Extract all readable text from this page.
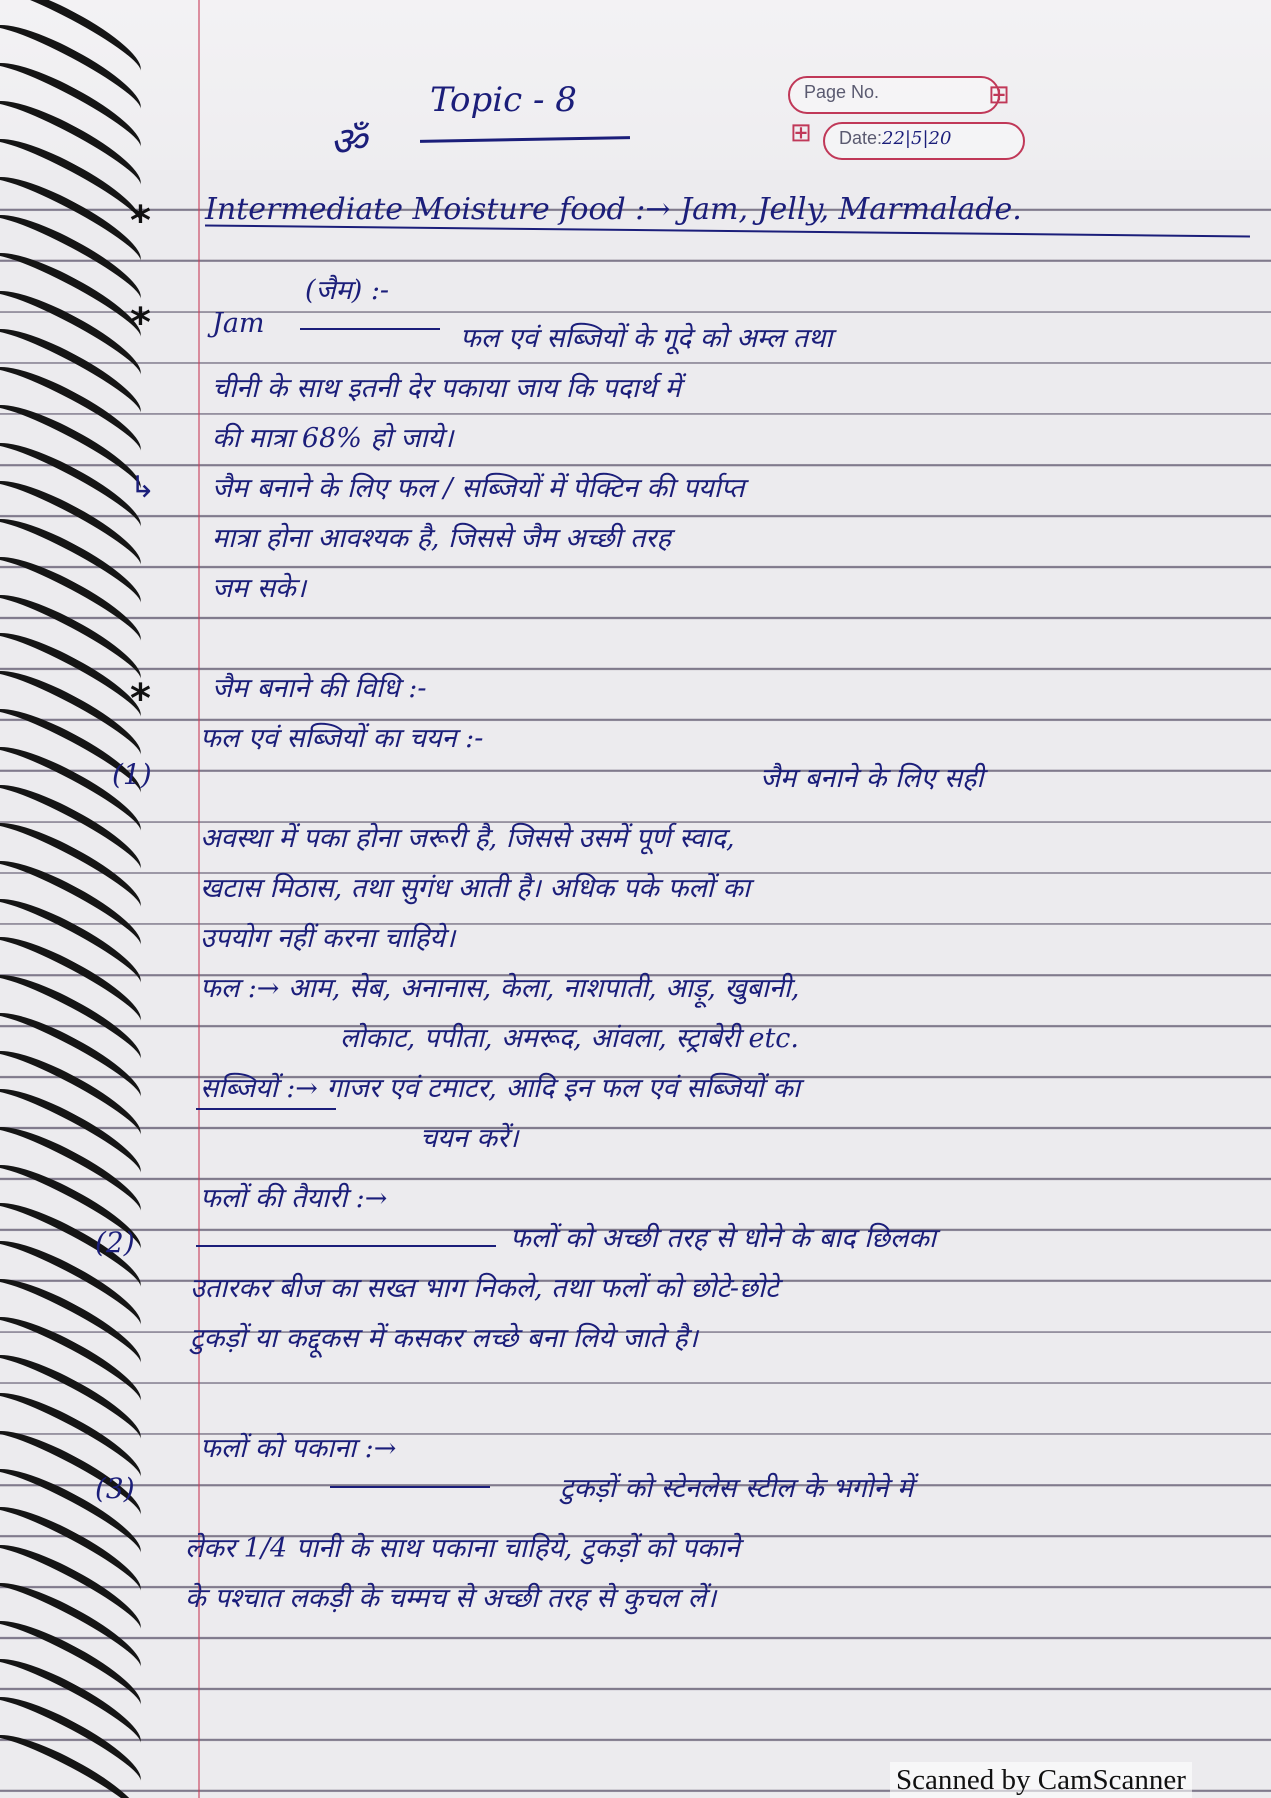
ॐ
Topic - 8	Page No.
Date:22|5|20
⊞
⊞
* Intermediate Moisture food :→ Jam, Jelly, Marmalade.
(जैम) :-
* Jam	फल एवं सब्जियों के गूदे को अम्ल तथा
चीनी के साथ इतनी देर पकाया जाय कि पदार्थ में
की मात्रा 68% हो जाये।
↳ जैम बनाने के लिए फल / सब्जियों में पेक्टिन की पर्याप्त
मात्रा होना आवश्यक है, जिससे जैम अच्छी तरह
जम सके।
* जैम बनाने की विधि :-
फल एवं सब्जियों का चयन :-
(1)	जैम बनाने के लिए सही
अवस्था में पका होना जरूरी है, जिससे उसमें पूर्ण स्वाद,
खटास मिठास, तथा सुगंध आती है। अधिक पके फलों का
उपयोग नहीं करना चाहिये।
फल :→ आम, सेब, अनानास, केला, नाशपाती, आड़ू, खुबानी,
लोकाट, पपीता, अमरूद, आंवला, स्ट्राबेरी etc.
सब्जियों :→ गाजर एवं टमाटर, आदि इन फल एवं सब्जियों का
चयन करें।
फलों की तैयारी :→
(2)	फलों को अच्छी तरह से धोने के बाद छिलका
उतारकर बीज का सख्त भाग निकले, तथा फलों को छोटे-छोटे
टुकड़ों या कद्दूकस में कसकर लच्छे बना लिये जाते है।
फलों को पकाना :→
(3)	टुकड़ों को स्टेनलेस स्टील के भगोने में
लेकर 1/4 पानी के साथ पकाना चाहिये, टुकड़ों को पकाने
के पश्चात लकड़ी के चम्मच से अच्छी तरह से कुचल लें।
Scanned by CamScanner
